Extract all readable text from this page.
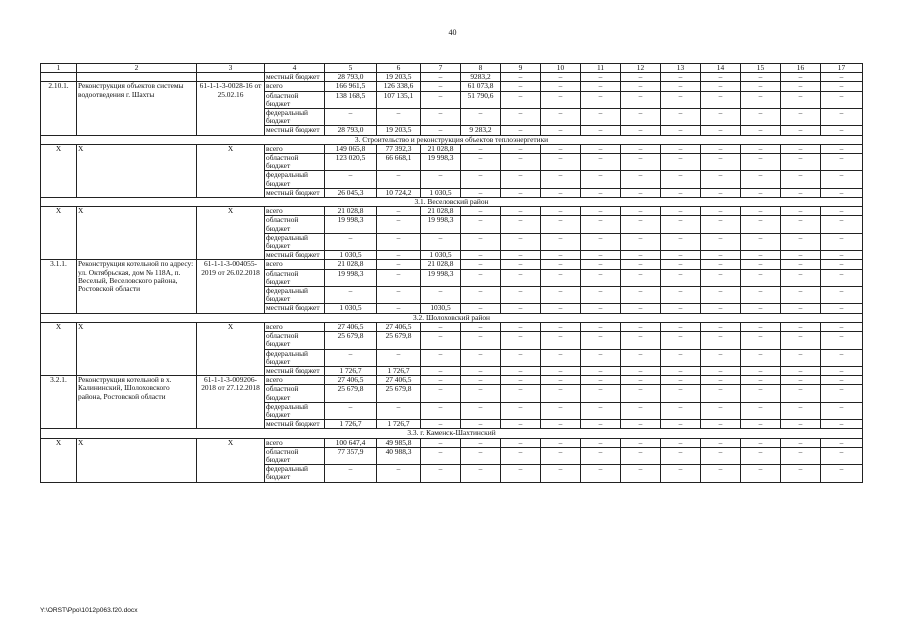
40
1	2	3	4	5	6	7	8	9	10	11	12	13	14	15	16	17
			местный бюджет	28 793,0	19 203,5	–	9283,2	–	–	–	–	–	–	–	–	–
2.10.1.	Реконструкция объектов системы водоотведения г. Шахты	61-1-1-3-0028-16 от 25.02.16	всего	166 961,5	126 338,6	–	61 073,8	–	–	–	–	–	–	–	–	–
			областной бюджет	138 168,5	107 135,1	–	51 790,6	–	–	–	–	–	–	–	–	–
			федеральный бюджет	–	–	–	–	–	–	–	–	–	–	–	–	–
			местный бюджет	28 793,0	19 203,5	–	9 283,2	–	–	–	–	–	–	–	–	–
3. Строительство и реконструкция объектов теплоэнергетики																
Х	Х	Х	всего	149 065,8	77 392,3	21 028,8	–	–	–	–	–	–	–	–	–	–
			областной бюджет	123 020,5	66 668,1	19 998,3	–	–	–	–	–	–	–	–	–	–
			федеральный бюджет	–	–	–	–	–	–	–	–	–	–	–	–	–
			местный бюджет	26 045,3	10 724,2	1 030,5	–	–	–	–	–	–	–	–	–	–
3.1. Веселовский район																
Х	Х	Х	всего	21 028,8	–	21 028,8	–	–	–	–	–	–	–	–	–	–
			областной бюджет	19 998,3	–	19 998,3	–	–	–	–	–	–	–	–	–	–
			федеральный бюджет	–	–	–	–	–	–	–	–	–	–	–	–	–
			местный бюджет	1 030,5	–	1 030,5	–	–	–	–	–	–	–	–	–	–
3.1.1.	Реконструкция котельной по адресу: ул. Октябрьская, дом № 118А, п. Веселый, Веселовского района, Ростовской области	61-1-1-3-004055-2019 от 26.02.2018	всего	21 028,8	–	21 028,8	–	–	–	–	–	–	–	–	–	–
			областной бюджет	19 998,3	–	19 998,3	–	–	–	–	–	–	–	–	–	–
			федеральный бюджет	–	–	–	–	–	–	–	–	–	–	–	–	–
			местный бюджет	1 030,5	–	1030,5	–	–	–	–	–	–	–	–	–	–
3.2. Шолоховский район																
Х	Х	Х	всего	27 406,5	27 406,5	–	–	–	–	–	–	–	–	–	–	–
			областной бюджет	25 679,8	25 679,8	–	–	–	–	–	–	–	–	–	–	–
			федеральный бюджет	–	–	–	–	–	–	–	–	–	–	–	–	–
			местный бюджет	1 726,7	1 726,7	–	–	–	–	–	–	–	–	–	–	–
3.2.1.	Реконструкция котельной в х. Калининский, Шолоховского района, Ростовской области	61-1-1-3-009206-2018 от 27.12.2018	всего	27 406,5	27 406,5	–	–	–	–	–	–	–	–	–	–	–
			областной бюджет	25 679,8	25 679,8	–	–	–	–	–	–	–	–	–	–	–
			федеральный бюджет	–	–	–	–	–	–	–	–	–	–	–	–	–
			местный бюджет	1 726,7	1 726,7	–	–	–	–	–	–	–	–	–	–	–
3.3. г. Каменск-Шахтинский																
Х	Х	Х	всего	100 647,4	49 985,8	–	–	–	–	–	–	–	–	–	–	–
			областной бюджет	77 357,9	40 988,3	–	–	–	–	–	–	–	–	–	–	–
			федеральный бюджет	–	–	–	–	–	–	–	–	–	–	–	–	–
Y:\ORST\Ppo\1012p063.f20.docx
